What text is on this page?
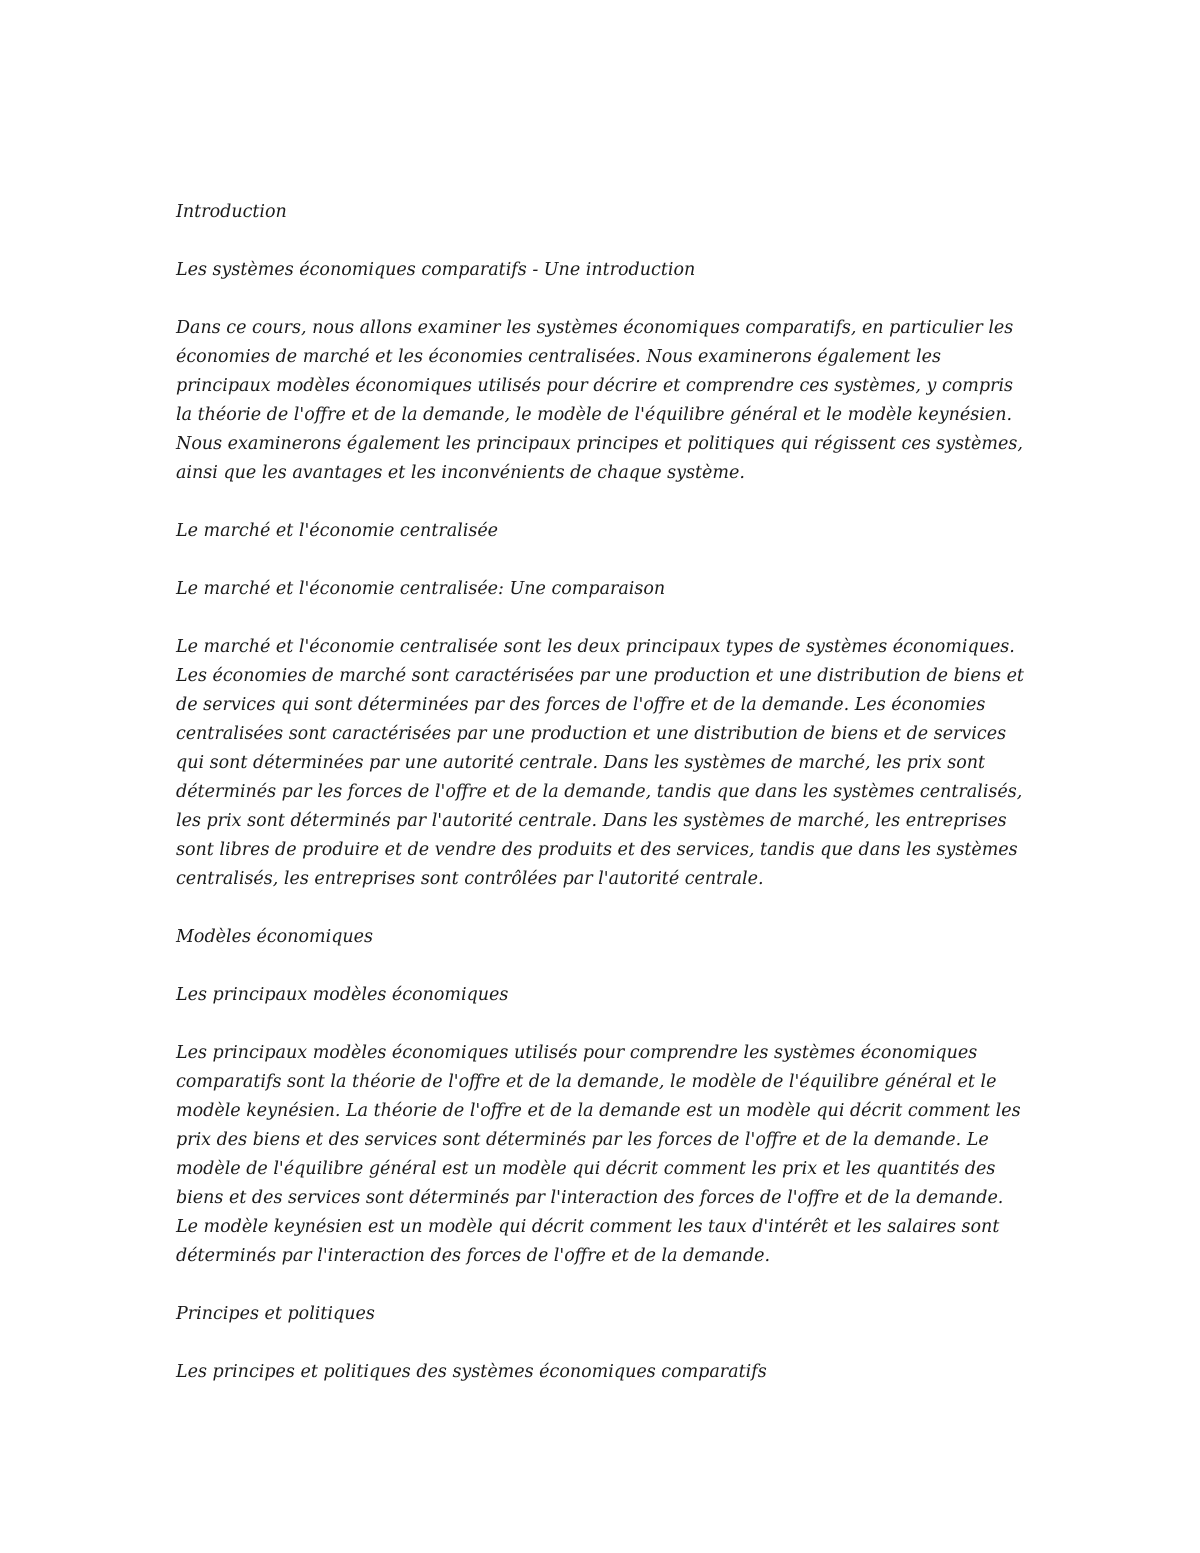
Introduction

Les systèmes économiques comparatifs - Une introduction

Dans ce cours, nous allons examiner les systèmes économiques comparatifs, en particulier les économies de marché et les économies centralisées. Nous examinerons également les principaux modèles économiques utilisés pour décrire et comprendre ces systèmes, y compris la théorie de l'offre et de la demande, le modèle de l'équilibre général et le modèle keynésien. Nous examinerons également les principaux principes et politiques qui régissent ces systèmes, ainsi que les avantages et les inconvénients de chaque système.

Le marché et l'économie centralisée

Le marché et l'économie centralisée: Une comparaison

Le marché et l'économie centralisée sont les deux principaux types de systèmes économiques. Les économies de marché sont caractérisées par une production et une distribution de biens et de services qui sont déterminées par des forces de l'offre et de la demande. Les économies centralisées sont caractérisées par une production et une distribution de biens et de services qui sont déterminées par une autorité centrale. Dans les systèmes de marché, les prix sont déterminés par les forces de l'offre et de la demande, tandis que dans les systèmes centralisés, les prix sont déterminés par l'autorité centrale. Dans les systèmes de marché, les entreprises sont libres de produire et de vendre des produits et des services, tandis que dans les systèmes centralisés, les entreprises sont contrôlées par l'autorité centrale.

Modèles économiques

Les principaux modèles économiques

Les principaux modèles économiques utilisés pour comprendre les systèmes économiques comparatifs sont la théorie de l'offre et de la demande, le modèle de l'équilibre général et le modèle keynésien. La théorie de l'offre et de la demande est un modèle qui décrit comment les prix des biens et des services sont déterminés par les forces de l'offre et de la demande. Le modèle de l'équilibre général est un modèle qui décrit comment les prix et les quantités des biens et des services sont déterminés par l'interaction des forces de l'offre et de la demande. Le modèle keynésien est un modèle qui décrit comment les taux d'intérêt et les salaires sont déterminés par l'interaction des forces de l'offre et de la demande.

Principes et politiques

Les principes et politiques des systèmes économiques comparatifs
